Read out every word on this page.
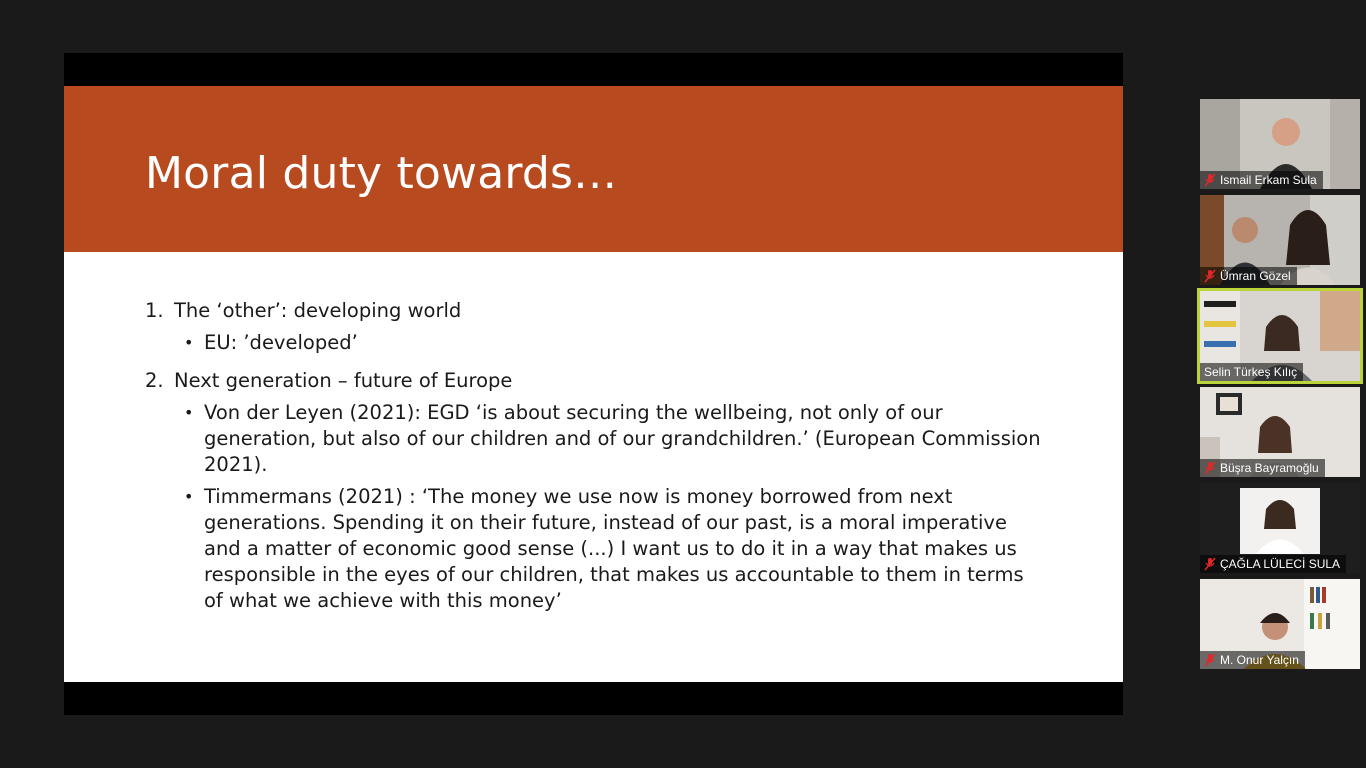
Moral duty towards…
1. The ‘other’: developing world
• EU: ’developed’
2. Next generation – future of Europe
• Von der Leyen (2021): EGD ‘is about securing the wellbeing, not only of our generation, but also of our children and of our grandchildren.’ (European Commission 2021).
• Timmermans (2021) : ‘The money we use now is money borrowed from next generations. Spending it on their future, instead of our past, is a moral imperative and a matter of economic good sense (...) I want us to do it in a way that makes us responsible in the eyes of our children, that makes us accountable to them in terms of what we achieve with this money’
Ismail Erkam Sula
Ümran Gözel
Selin Türkeş Kılıç
Büşra Bayramoğlu
ÇAĞLA LÜLECİ SULA
M. Onur Yalçın
